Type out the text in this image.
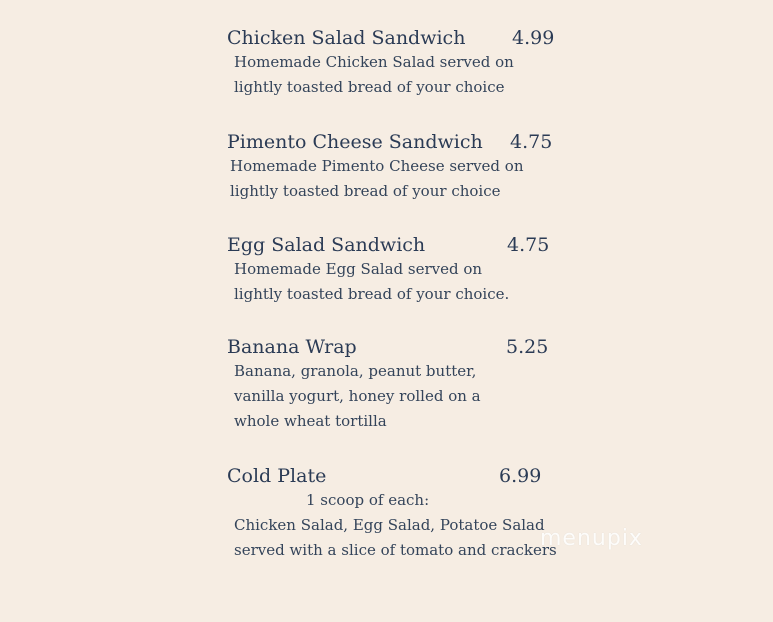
Chicken Salad Sandwich	4.99
Homemade Chicken Salad served on
lightly toasted bread of your choice
Pimento Cheese Sandwich	4.75
Homemade Pimento Cheese served on
lightly toasted bread of your choice
Egg Salad Sandwich	4.75
Homemade Egg Salad served on
lightly toasted bread of your choice.
Banana Wrap	5.25
Banana, granola, peanut butter,
vanilla yogurt, honey rolled on a
whole wheat tortilla
Cold Plate	6.99
1 scoop of each:
Chicken Salad, Egg Salad, Potatoe Salad
served with a slice of tomato and crackers
menupix
